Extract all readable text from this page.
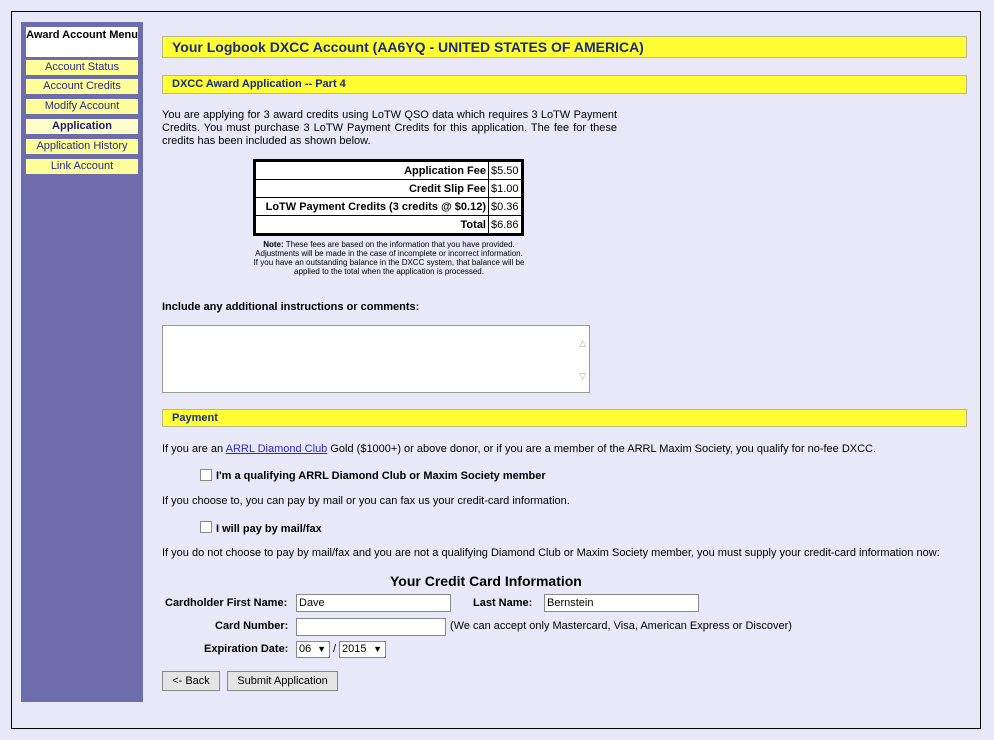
Award Account Menu
Account Status
Account Credits
Modify Account
Application
Application History
Link Account
Your Logbook DXCC Account (AA6YQ - UNITED STATES OF AMERICA)
DXCC Award Application -- Part 4
You are applying for 3 award credits using LoTW QSO data which requires 3 LoTW Payment Credits. You must purchase 3 LoTW Payment Credits for this application. The fee for these credits has been included as shown below.
Application Fee	$5.50
Credit Slip Fee	$1.00
LoTW Payment Credits (3 credits @ $0.12)	$0.36
Total	$6.86
Note: These fees are based on the information that you have provided. Adjustments will be made in the case of incomplete or incorrect information. If you have an outstanding balance in the DXCC system, that balance will be applied to the total when the application is processed.
Include any additional instructions or comments:
△
▽
Payment
If you are an ARRL Diamond Club Gold ($1000+) or above donor, or if you are a member of the ARRL Maxim Society, you qualify for no-fee DXCC.
I'm a qualifying ARRL Diamond Club or Maxim Society member
If you choose to, you can pay by mail or you can fax us your credit-card information.
I will pay by mail/fax
If you do not choose to pay by mail/fax and you are not a qualifying Diamond Club or Maxim Society member, you must supply your credit-card information now:
Your Credit Card Information
Cardholder First Name: Dave	Last Name: Bernstein
Card Number:	(We can accept only Mastercard, Visa, American Express or Discover)
Expiration Date: 06 ▼ / 2015 ▼
<- Back	Submit Application
